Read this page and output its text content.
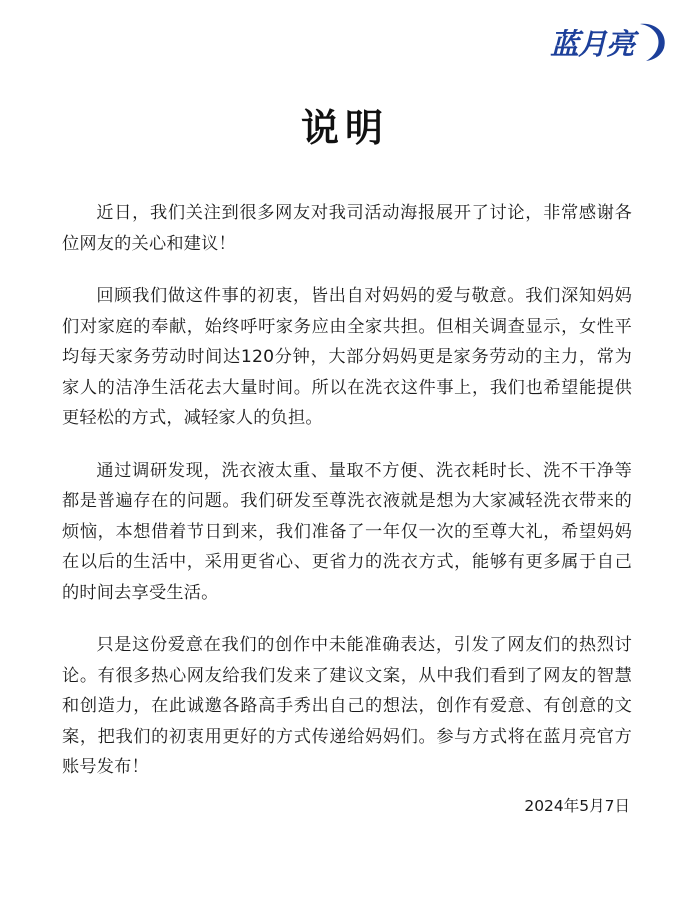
蓝月亮
说明

近日，我们关注到很多网友对我司活动海报展开了讨论，非常感谢各位网友的关心和建议！

回顾我们做这件事的初衷，皆出自对妈妈的爱与敬意。我们深知妈妈们对家庭的奉献，始终呼吁家务应由全家共担。但相关调查显示，女性平均每天家务劳动时间达120分钟，大部分妈妈更是家务劳动的主力，常为家人的洁净生活花去大量时间。所以在洗衣这件事上，我们也希望能提供更轻松的方式，减轻家人的负担。

通过调研发现，洗衣液太重、量取不方便、洗衣耗时长、洗不干净等都是普遍存在的问题。我们研发至尊洗衣液就是想为大家减轻洗衣带来的烦恼，本想借着节日到来，我们准备了一年仅一次的至尊大礼，希望妈妈在以后的生活中，采用更省心、更省力的洗衣方式，能够有更多属于自己的时间去享受生活。

只是这份爱意在我们的创作中未能准确表达，引发了网友们的热烈讨论。有很多热心网友给我们发来了建议文案，从中我们看到了网友的智慧和创造力，在此诚邀各路高手秀出自己的想法，创作有爱意、有创意的文案，把我们的初衷用更好的方式传递给妈妈们。参与方式将在蓝月亮官方账号发布！

2024年5月7日
